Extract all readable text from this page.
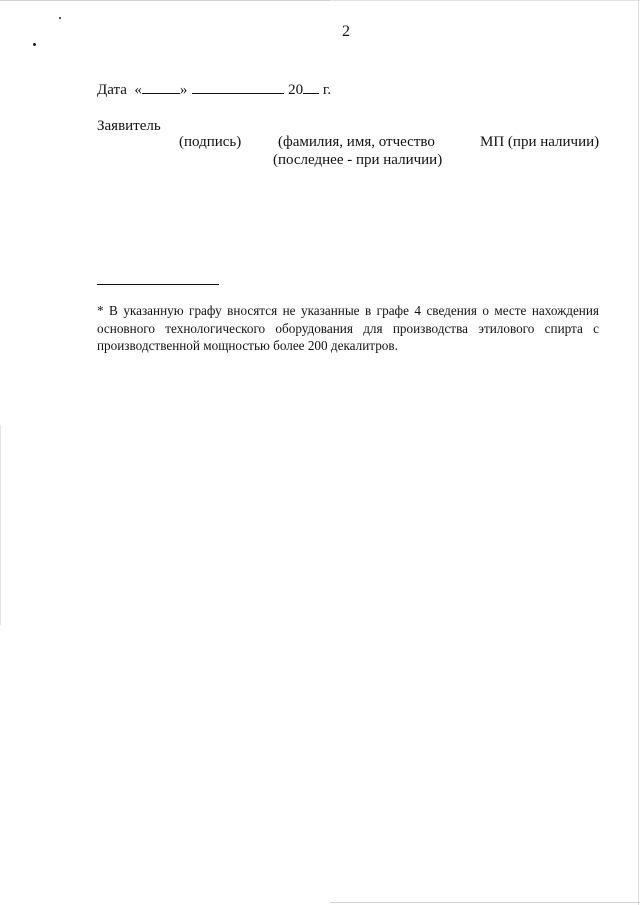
2
Дата «	»	20 г.
Заявитель
(подпись) (фамилия, имя, отчество
(последнее - при наличии)
МП (при наличии)
* В указанную графу вносятся не указанные в графе 4 сведения о месте нахождения основного технологического оборудования для производства этилового спирта с производственной мощностью более 200 декалитров.
